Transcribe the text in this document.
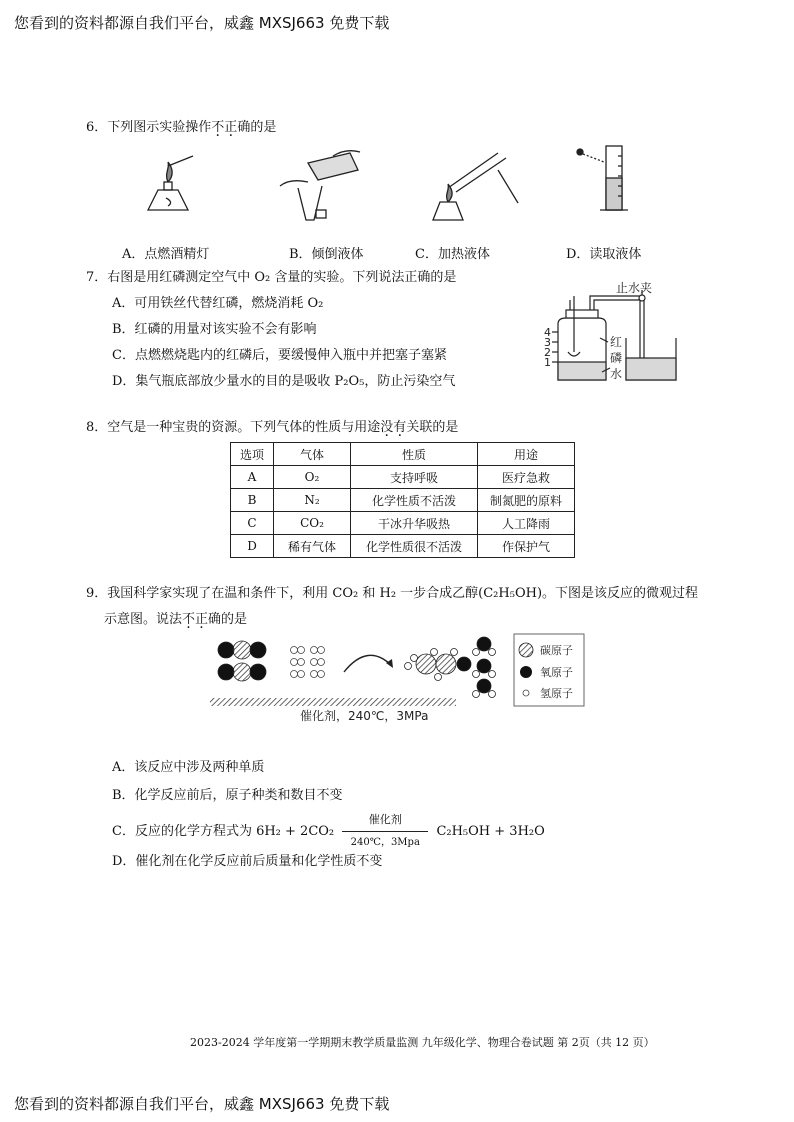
您看到的资料都源自我们平台，威鑫 MXSJ663 免费下载
6．下列图示实验操作不正确的是
A．点燃酒精灯	B．倾倒液体	C．加热液体	D．读取液体
7．右图是用红磷测定空气中 O₂ 含量的实验。下列说法正确的是
A．可用铁丝代替红磷，燃烧消耗 O₂
B．红磷的用量对该实验不会有影响
C．点燃燃烧匙内的红磷后，要缓慢伸入瓶中并把塞子塞紧
D．集气瓶底部放少量水的目的是吸收 P₂O₅，防止污染空气
4
3
2
1
止水夹
红
磷
水
8．空气是一种宝贵的资源。下列气体的性质与用途没有关联的是
选项	气体	性质	用途
A	O₂	支持呼吸	医疗急救
B	N₂	化学性质不活泼	制氮肥的原料
C	CO₂	干冰升华吸热	人工降雨
D	稀有气体	化学性质很不活泼	作保护气
9．我国科学家实现了在温和条件下，利用 CO₂ 和 H₂ 一步合成乙醇(C₂H₅OH)。下图是该反应的微观过程
示意图。说法不正确的是
碳原子
氧原子
氢原子
催化剂，240℃，3MPa
A．该反应中涉及两种单质
B．化学反应前后，原子种类和数目不变
C．反应的化学方程式为 6H₂ + 2CO₂
催化剂
240℃，3Mpa
C₂H₅OH + 3H₂O
D．催化剂在化学反应前后质量和化学性质不变
2023-2024 学年度第一学期期末教学质量监测 九年级化学、物理合卷试题 第 2页（共 12 页）
您看到的资料都源自我们平台，威鑫 MXSJ663 免费下载
